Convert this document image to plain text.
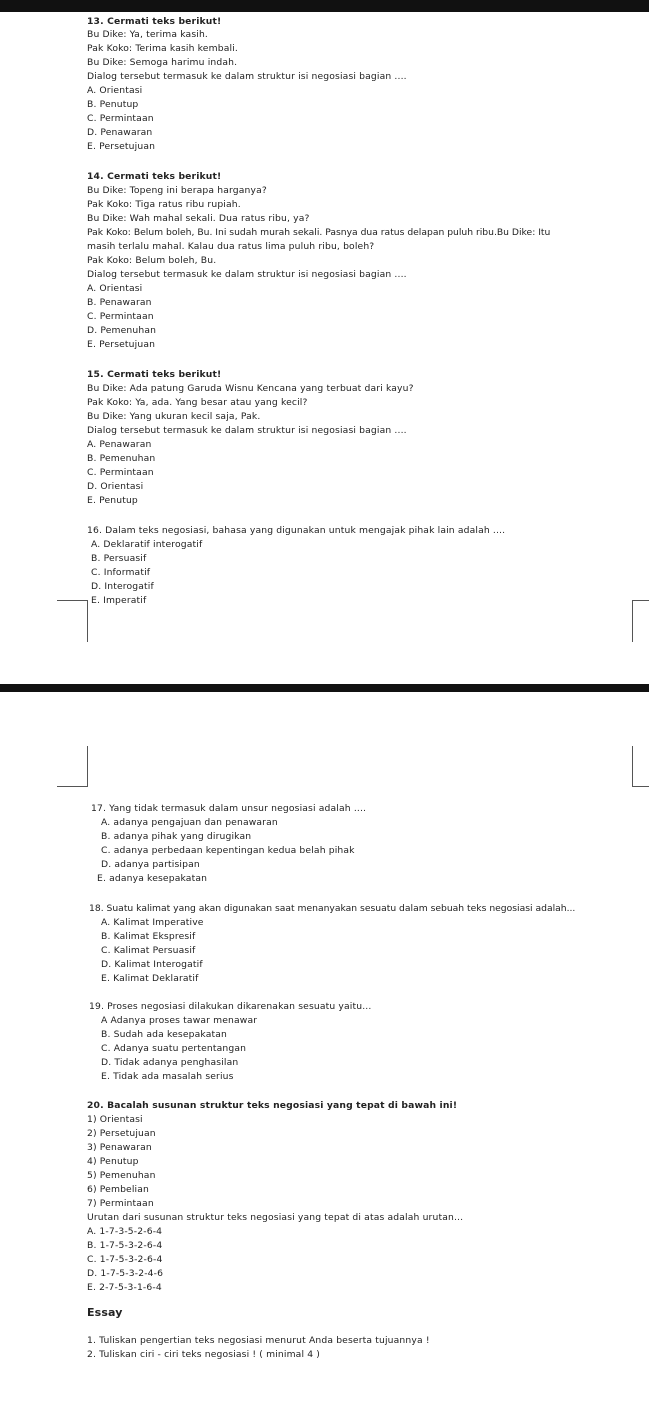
13. Cermati teks berikut!
Bu Dike: Ya, terima kasih.
Pak Koko: Terima kasih kembali.
Bu Dike: Semoga harimu indah.
Dialog tersebut termasuk ke dalam struktur isi negosiasi bagian ....
A. Orientasi
B. Penutup
C. Permintaan
D. Penawaran
E. Persetujuan
14. Cermati teks berikut!
Bu Dike: Topeng ini berapa harganya?
Pak Koko: Tiga ratus ribu rupiah.
Bu Dike: Wah mahal sekali. Dua ratus ribu, ya?
Pak Koko: Belum boleh, Bu. Ini sudah murah sekali. Pasnya dua ratus delapan puluh ribu.Bu Dike: Itu
masih terlalu mahal. Kalau dua ratus lima puluh ribu, boleh?
Pak Koko: Belum boleh, Bu.
Dialog tersebut termasuk ke dalam struktur isi negosiasi bagian ....
A. Orientasi
B. Penawaran
C. Permintaan
D. Pemenuhan
E. Persetujuan
15. Cermati teks berikut!
Bu Dike: Ada patung Garuda Wisnu Kencana yang terbuat dari kayu?
Pak Koko: Ya, ada. Yang besar atau yang kecil?
Bu Dike: Yang ukuran kecil saja, Pak.
Dialog tersebut termasuk ke dalam struktur isi negosiasi bagian ....
A. Penawaran
B. Pemenuhan
C. Permintaan
D. Orientasi
E. Penutup
16. Dalam teks negosiasi, bahasa yang digunakan untuk mengajak pihak lain adalah ....
A. Deklaratif interogatif
B. Persuasif
C. Informatif
D. Interogatif
E. Imperatif
17. Yang tidak termasuk dalam unsur negosiasi adalah ....
A. adanya pengajuan dan penawaran
B. adanya pihak yang dirugikan
C. adanya perbedaan kepentingan kedua belah pihak
D. adanya partisipan
E. adanya kesepakatan
18. Suatu kalimat yang akan digunakan saat menanyakan sesuatu dalam sebuah teks negosiasi adalah...
A. Kalimat Imperative
B. Kalimat Ekspresif
C. Kalimat Persuasif
D. Kalimat Interogatif
E. Kalimat Deklaratif
19. Proses negosiasi dilakukan dikarenakan sesuatu yaitu...
A Adanya proses tawar menawar
B. Sudah ada kesepakatan
C. Adanya suatu pertentangan
D. Tidak adanya penghasilan
E. Tidak ada masalah serius
20. Bacalah susunan struktur teks negosiasi yang tepat di bawah ini!
1) Orientasi
2) Persetujuan
3) Penawaran
4) Penutup
5) Pemenuhan
6) Pembelian
7) Permintaan
Urutan dari susunan struktur teks negosiasi yang tepat di atas adalah urutan...
A. 1-7-3-5-2-6-4
B. 1-7-5-3-2-6-4
C. 1-7-5-3-2-6-4
D. 1-7-5-3-2-4-6
E. 2-7-5-3-1-6-4
Essay
1. Tuliskan pengertian teks negosiasi menurut Anda beserta tujuannya !
2. Tuliskan ciri - ciri teks negosiasi ! ( minimal 4 )
